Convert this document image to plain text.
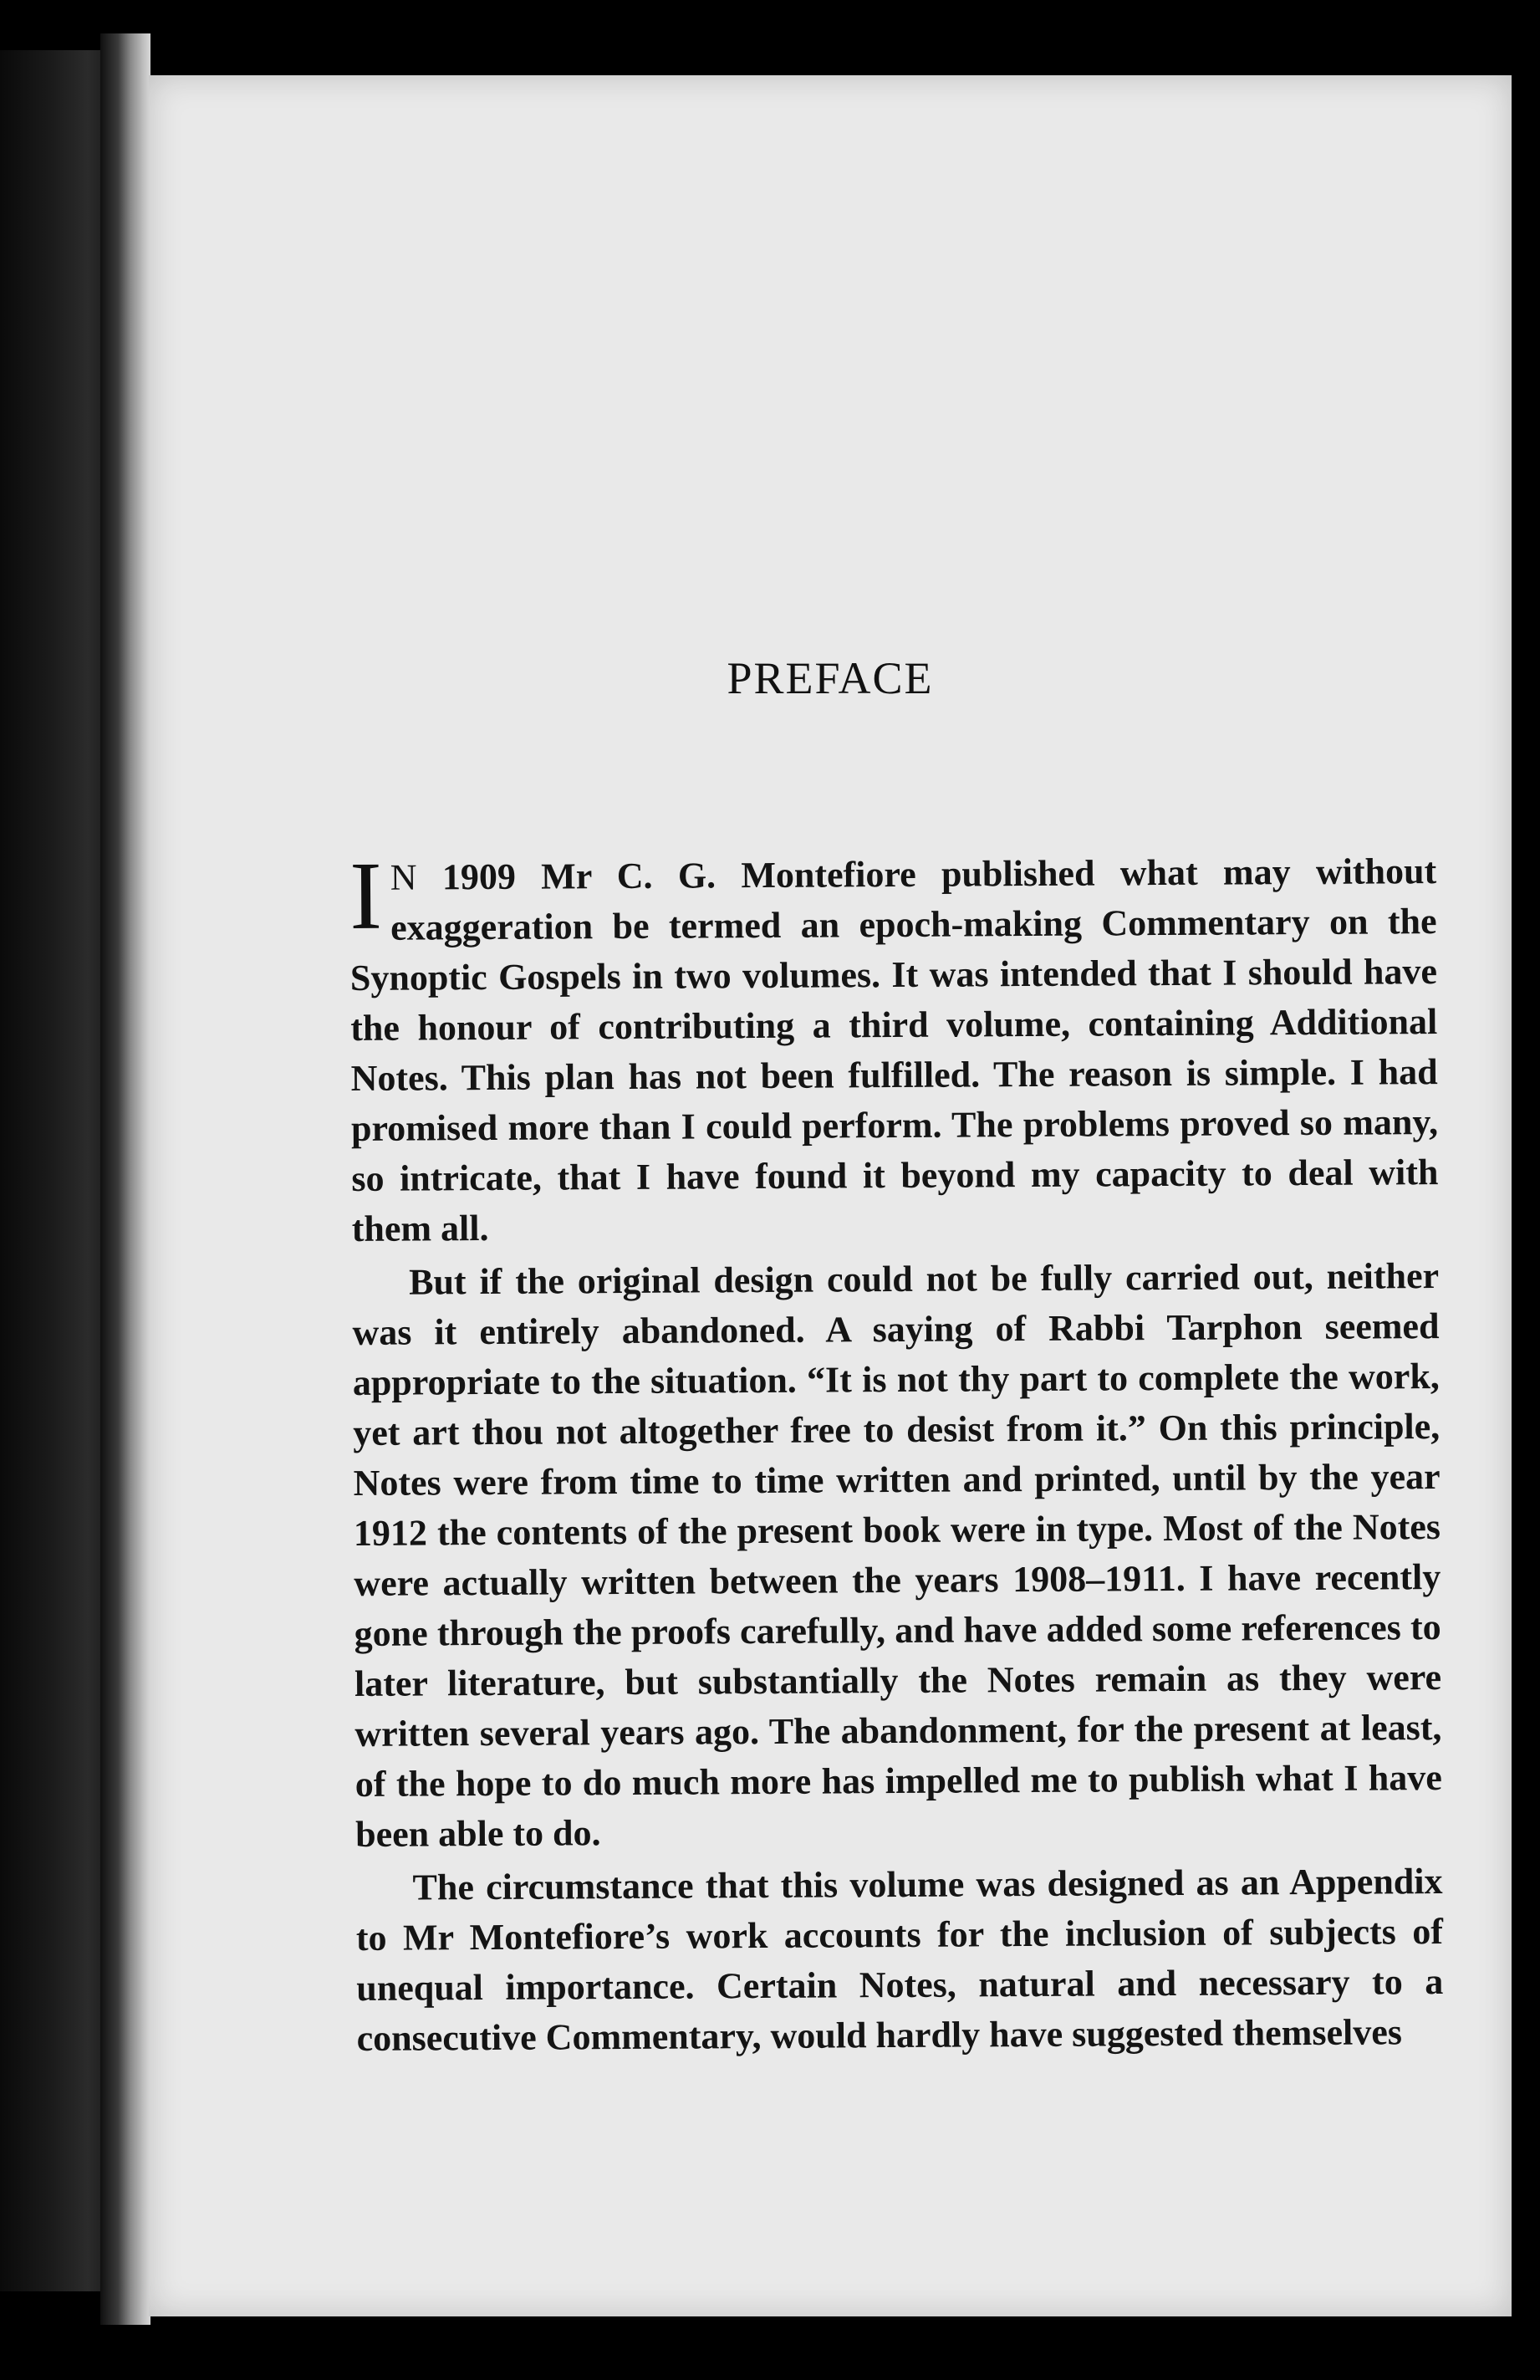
PREFACE

I N 1909 Mr C. G. Montefiore published what may without exaggeration be termed an epoch-making Commentary on the Synoptic Gospels in two volumes. It was intended that I should have the honour of contributing a third volume, containing Additional Notes. This plan has not been fulfilled. The reason is simple. I had promised more than I could perform. The problems proved so many, so intricate, that I have found it beyond my capacity to deal with them all.

But if the original design could not be fully carried out, neither was it entirely abandoned. A saying of Rabbi Tarphon seemed appropriate to the situation. “It is not thy part to complete the work, yet art thou not altogether free to desist from it.” On this principle, Notes were from time to time written and printed, until by the year 1912 the contents of the present book were in type. Most of the Notes were actually written between the years 1908–1911. I have recently gone through the proofs carefully, and have added some references to later literature, but substantially the Notes remain as they were written several years ago. The abandonment, for the present at least, of the hope to do much more has impelled me to publish what I have been able to do.

The circumstance that this volume was designed as an Appendix to Mr Montefiore’s work accounts for the inclusion of subjects of unequal importance. Certain Notes, natural and necessary to a consecutive Commentary, would hardly have suggested themselves
